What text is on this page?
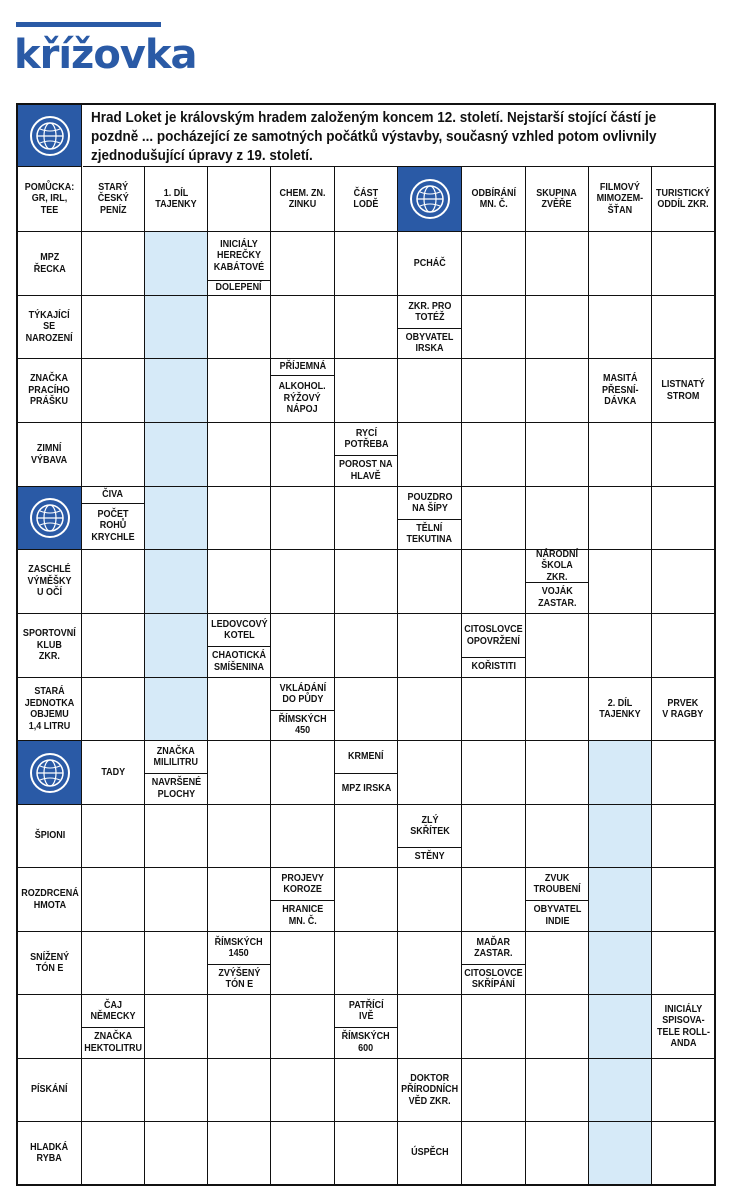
křížovka
Hrad Loket je královským hradem založeným koncem 12. století. Nejstarší stojící částí je pozdně ... pocházející ze samotných počátků výstavby, současný vzhled potom ovlivnily zjednodušující úpravy z 19. století.
POMŮCKA:
GR, IRL, TEE
STARÝ
ČESKÝ
PENÍZ
1. DÍL
TAJENKY
CHEM. ZN.
ZINKU
ČÁST
LODĚ
ODBÍRÁNÍ
MN. Č.
SKUPINA
ZVĚŘE
FILMOVÝ
MIMOZEM-
ŠŤAN
TURISTICKÝ
ODDÍL ZKR.
MPZ
ŘECKA
INICIÁLY
HEREČKY
KABÁTOVÉ
DOLEPENÍ
PCHÁČ
TÝKAJÍCÍ
SE
NAROZENÍ
ZKR. PRO
TOTÉŽ
OBYVATEL
IRSKA
ZNAČKA
PRACÍHO
PRÁŠKU
PŘÍJEMNÁ
ALKOHOL.
RÝŽOVÝ
NÁPOJ
MASITÁ
PŘESNÍ-
DÁVKA
LISTNATÝ
STROM
ZIMNÍ
VÝBAVA
RYCÍ
POTŘEBA
POROST NA
HLAVĚ
ČIVA
POČET
ROHŮ
KRYCHLE
POUZDRO
NA ŠÍPY
TĚLNÍ
TEKUTINA
ZASCHLÉ
VÝMĚŠKY
U OČÍ
NÁRODNÍ
ŠKOLA ZKR.
VOJÁK
ZASTAR.
SPORTOVNÍ
KLUB
ZKR.
LEDOVCOVÝ
KOTEL
CHAOTICKÁ
SMÍŠENINA
CITOSLOVCE
OPOVRŽENÍ
KOŘISTITI
STARÁ
JEDNOTKA
OBJEMU
1,4 LITRU
VKLÁDÁNÍ
DO PŮDY
ŘÍMSKÝCH
450
2. DÍL
TAJENKY
PRVEK
V RAGBY
TADY
ZNAČKA
MILILITRU
NAVRŠENÉ
PLOCHY
KRMENÍ
MPZ IRSKA
ŠPIONI
ZLÝ
SKŘÍTEK
STĚNY
ROZDRCENÁ
HMOTA
PROJEVY
KOROZE
HRANICE
MN. Č.
ZVUK
TROUBENÍ
OBYVATEL
INDIE
SNÍŽENÝ
TÓN E
ŘÍMSKÝCH
1450
ZVÝŠENÝ
TÓN E
MAĎAR
ZASTAR.
CITOSLOVCE
SKŘÍPÁNÍ
ČAJ
NĚMECKY
ZNAČKA
HEKTOLITRU
PATŘÍCÍ
IVĚ
ŘÍMSKÝCH
600
INICIÁLY
SPISOVA-
TELE ROLL-
ANDA
PÍSKÁNÍ
DOKTOR
PŘÍRODNÍCH
VĚD ZKR.
HLADKÁ
RYBA
ÚSPĚCH
